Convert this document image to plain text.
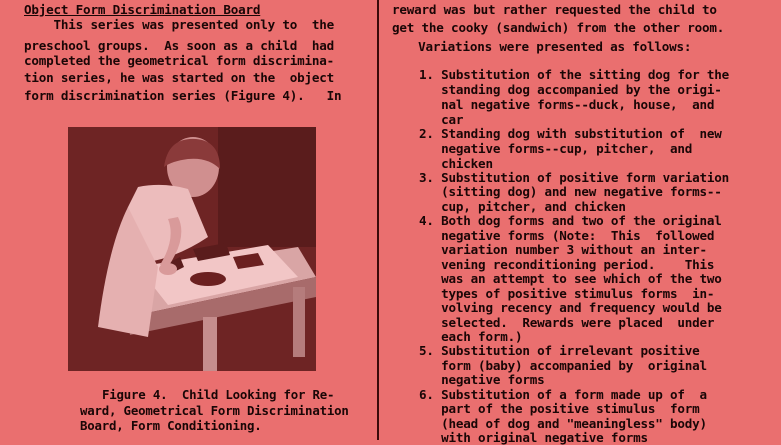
Object Form Discrimination Board
This series was presented only to  the
preschool groups.  As soon as a child  had
completed the geometrical form discrimina-
tion series, he was started on the  object
form discrimination series (Figure 4).   In
Figure 4.  Child Looking for Re-
ward, Geometrical Form Discrimination
Board, Form Conditioning.
reward was but rather requested the child to
get the cooky (sandwich) from the other room.
Variations were presented as follows:
1. Substitution of the sitting dog for the
standing dog accompanied by the origi-
nal negative forms--duck, house,  and
car
2. Standing dog with substitution of  new
negative forms--cup, pitcher,  and
chicken
3. Substitution of positive form variation
(sitting dog) and new negative forms--
cup, pitcher, and chicken
4. Both dog forms and two of the original
negative forms (Note:  This  followed
variation number 3 without an inter-
vening reconditioning period.    This
was an attempt to see which of the two
types of positive stimulus forms  in-
volving recency and frequency would be
selected.  Rewards were placed  under
each form.)
5. Substitution of irrelevant positive
form (baby) accompanied by  original
negative forms
6. Substitution of a form made up of  a
part of the positive stimulus  form
(head of dog and "meaningless" body)
with original negative forms
